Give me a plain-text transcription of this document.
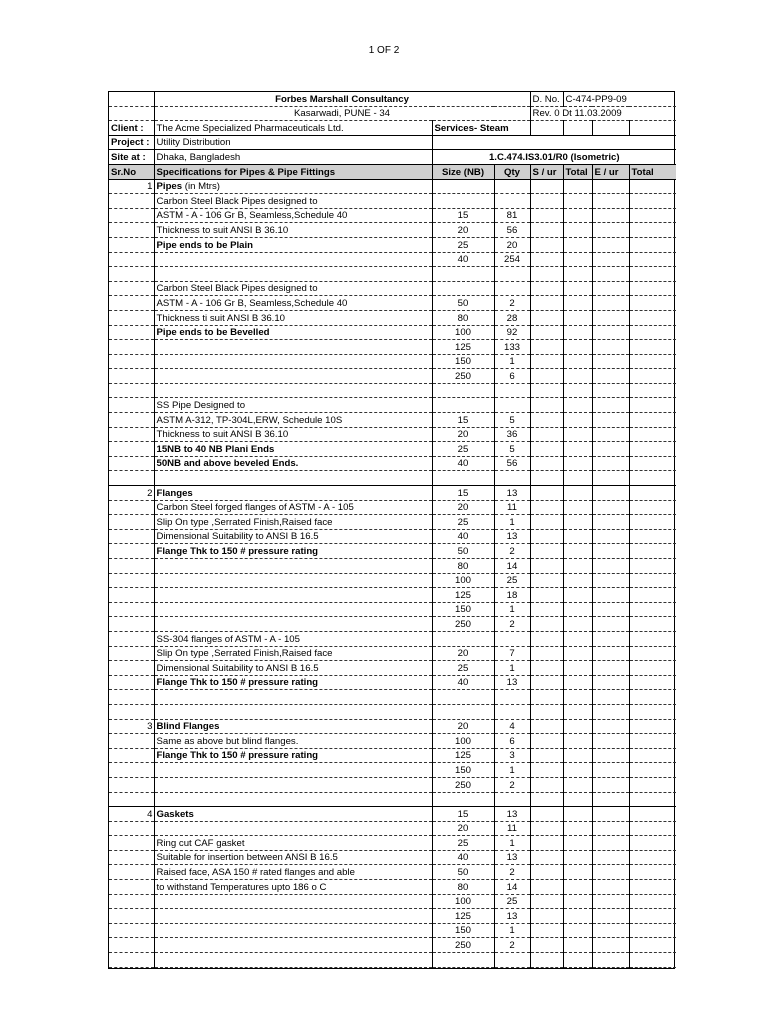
1 OF 2
	Forbes Marshall Consultancy			D. No.	C-474-PP9-09		
	Kasarwadi, PUNE - 34			Rev. 0 Dt 11.03.2009			
Client :	The Acme Specialized Pharmaceuticals Ltd.	Services- Steam					
Project :	Utility Distribution						
Site at :	Dhaka, Bangladesh	1.C.474.IS3.01/R0 (Isometric)					
Sr.No	Specifications for Pipes & Pipe Fittings	Size (NB)	Qty	S / ur	Total	E / ur	Total
1	Pipes (in Mtrs)						
	Carbon Steel Black Pipes designed to						
	ASTM - A - 106 Gr B, Seamless,Schedule 40	15	81				
	Thickness to suit ANSI B 36.10	20	56				
	Pipe ends to be Plain	25	20				
		40	254				

	Carbon Steel Black Pipes designed to						
	ASTM - A - 106 Gr B, Seamless,Schedule 40	50	2				
	Thickness ti suit ANSI B 36.10	80	28				
	Pipe ends to be Bevelled	100	92				
		125	133				
		150	1				
		250	6				

	SS Pipe Designed to						
	ASTM A-312, TP-304L,ERW, Schedule 10S	15	5				
	Thickness to suit ANSI B 36.10	20	36				
	15NB to 40 NB Plani Ends	25	5				
	50NB and above beveled Ends.	40	56				

2	Flanges	15	13				
	Carbon Steel forged flanges of ASTM - A - 105	20	11				
	Slip On type ,Serrated Finish,Raised face	25	1				
	Dimensional Suitability to ANSI B 16.5	40	13				
	Flange Thk to 150 # pressure rating	50	2				
		80	14				
		100	25				
		125	18				
		150	1				
		250	2				
	SS-304 flanges of ASTM - A - 105						
	Slip On type ,Serrated Finish,Raised face	20	7				
	Dimensional Suitability to ANSI B 16.5	25	1				
	Flange Thk to 150 # pressure rating	40	13				

3	Blind Flanges	20	4				
	Same as above but blind flanges.	100	6				
	Flange Thk to 150 # pressure rating	125	3				
		150	1				
		250	2				

4	Gaskets	15	13				
		20	11				
	Ring cut CAF gasket	25	1				
	Suitable for insertion between ANSI B 16.5	40	13				
	Raised face, ASA 150 # rated flanges and able	50	2				
	to withstand Temperatures upto 186 o C	80	14				
		100	25				
		125	13				
		150	1				
		250	2				
